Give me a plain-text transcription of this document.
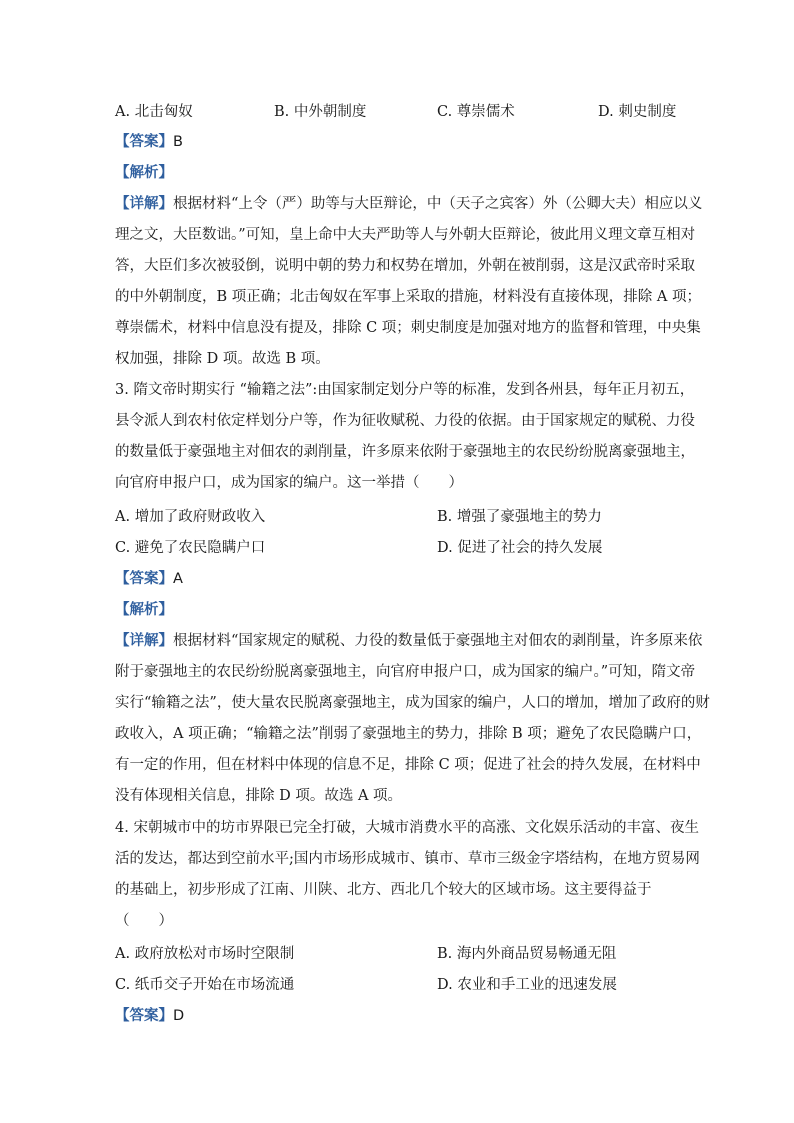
A. 北击匈奴	B. 中外朝制度	C. 尊崇儒术	D. 刺史制度
【答案】B
【解析】
【详解】根据材料“上令（严）助等与大臣辩论，中（天子之宾客）外（公卿大夫）相应以义
理之文，大臣数诎。”可知，皇上命中大夫严助等人与外朝大臣辩论，彼此用义理文章互相对
答，大臣们多次被驳倒，说明中朝的势力和权势在增加，外朝在被削弱，这是汉武帝时采取
的中外朝制度，B 项正确；北击匈奴在军事上采取的措施，材料没有直接体现，排除 A 项；
尊崇儒术，材料中信息没有提及，排除 C 项；刺史制度是加强对地方的监督和管理，中央集
权加强，排除 D 项。故选 B 项。
3. 隋文帝时期实行 “输籍之法”:由国家制定划分户等的标准，发到各州县，每年正月初五，
县令派人到农村依定样划分户等，作为征收赋税、力役的依据。由于国家规定的赋税、力役
的数量低于豪强地主对佃农的剥削量，许多原来依附于豪强地主的农民纷纷脱离豪强地主，
向官府申报户口，成为国家的编户。这一举措（　　）
A. 增加了政府财政收入	B. 增强了豪强地主的势力
C. 避免了农民隐瞒户口	D. 促进了社会的持久发展
【答案】A
【解析】
【详解】根据材料“国家规定的赋税、力役的数量低于豪强地主对佃农的剥削量，许多原来依
附于豪强地主的农民纷纷脱离豪强地主，向官府申报户口，成为国家的编户。”可知，隋文帝
实行“输籍之法”，使大量农民脱离豪强地主，成为国家的编户，人口的增加，增加了政府的财
政收入，A 项正确；“输籍之法”削弱了豪强地主的势力，排除 B 项；避免了农民隐瞒户口，
有一定的作用，但在材料中体现的信息不足，排除 C 项；促进了社会的持久发展，在材料中
没有体现相关信息，排除 D 项。故选 A 项。
4. 宋朝城市中的坊市界限已完全打破，大城市消费水平的高涨、文化娱乐活动的丰富、夜生
活的发达，都达到空前水平;国内市场形成城市、镇市、草市三级金字塔结构，在地方贸易网
的基础上，初步形成了江南、川陕、北方、西北几个较大的区域市场。这主要得益于
（　　）
A. 政府放松对市场时空限制	B. 海内外商品贸易畅通无阻
C. 纸币交子开始在市场流通	D. 农业和手工业的迅速发展
【答案】D
